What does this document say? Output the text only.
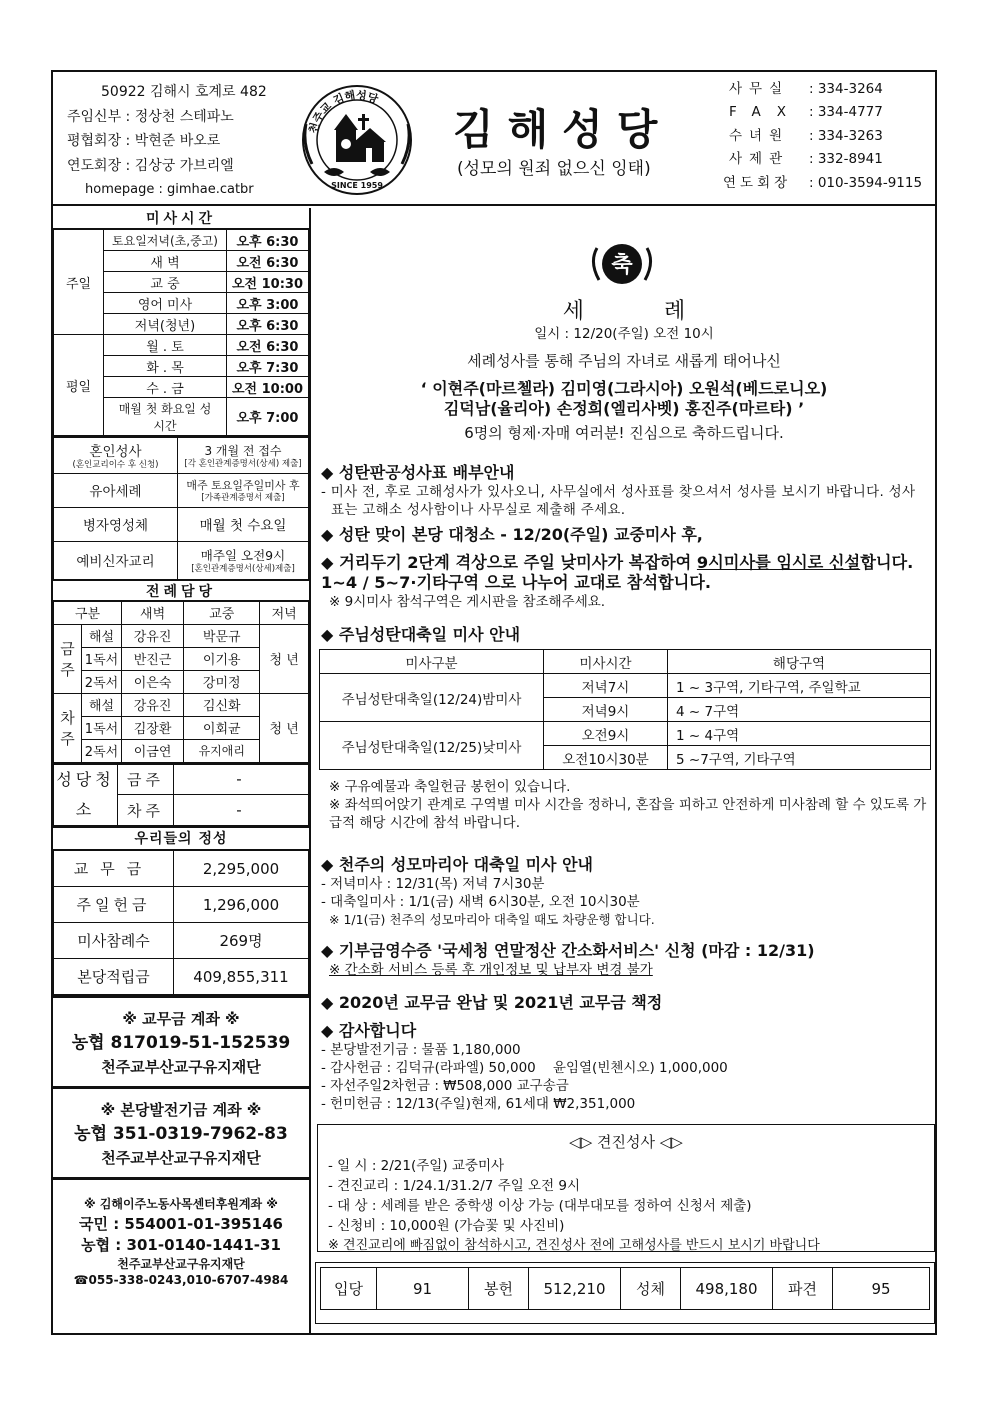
50922 김해시 호계로 482
주임신부 : 정상천 스테파노
평협회장 : 박현준 바오로
연도회장 : 김상궁 가브리엘
homepage : gimhae.catbr
천주교 김해성당
SINCE 1959
김해성당
(성모의 원죄 없으신 잉태)
사무실	: 334-3264
FAX : 334-4777
수녀원	: 334-3263
사제관	: 332-8941
연도회장	: 010-3594-9115
미사시간
주일	토요일저녁(초,중고)	오후 6:30
	새 벽	오전 6:30
	교 중	오전 10:30
	영어 미사	오후 3:00
	저녁(청년)	오후 6:30
평일	월 . 토	오전 6:30
	화 . 목	오후 7:30
	수 . 금	오전 10:00
	매월 첫 화요일 성시간	오후 7:00
혼인성사
(혼인교리이수 후 신청)	3 개월 전 접수
[각 혼인관계증명서(상세) 제출]

유아세례	매주 토요일주일미사 후
[가족관계증명서 제출]

병자영성체	매월 첫 수요일
예비신자교리	매주일 오전9시
[혼인관계증명서(상세)제출]
전례담당
구분		새벽	교중	저녁
금주	해설	강유진	박문규	청 년
	1독서	반진근	이기용	
	2독서	이은숙	강미정	
차주	해설	강유진	김신화	청 년
	1독서	김장환	이회균	
	2독서	이금연	유지애리	
성당청소	금주	-
	차주	-
우리들의 정성
교무금	2,295,000
주일헌금	1,296,000
미사참례수	269명
본당적립금	409,855,311
※ 교무금 계좌 ※
농협 817019-51-152539
천주교부산교구유지재단
※ 본당발전기금 계좌 ※
농협 351-0319-7962-83
천주교부산교구유지재단
※ 김해이주노동사목센터후원계좌 ※
국민 : 554001-01-395146
농협 : 301-0140-1441-31
천주교부산교구유지재단
☎055-338-0243,010-6707-4984
축
세례
일시 : 12/20(주일) 오전 10시
세례성사를 통해 주님의 자녀로 새롭게 태어나신
‘ 이현주(마르첼라) 김미영(그라시아) 오원석(베드로니오)
김덕남(율리아) 손정희(엘리사벳) 홍진주(마르타) ’
6명의 형제·자매 여러분! 진심으로 축하드립니다.
◆ 성탄판공성사표 배부안내
- 미사 전, 후로 고해성사가 있사오니, 사무실에서 성사표를 찾으셔서 성사를 보시기 바랍니다. 성사표는 고해소 성사함이나 사무실로 제출해 주세요.
◆ 성탄 맞이 본당 대청소 - 12/20(주일) 교중미사 후,
◆ 거리두기 2단계 격상으로 주일 낮미사가 복잡하여 9시미사를 임시로 신설합니다. 1~4 / 5~7·기타구역 으로 나누어 교대로 참석합니다.
※ 9시미사 참석구역은 게시판을 참조해주세요.
◆ 주님성탄대축일 미사 안내
미사구분	미사시간	해당구역
주님성탄대축일(12/24)밤미사	저녁7시	1 ~ 3구역, 기타구역, 주일학교
	저녁9시	4 ~ 7구역
주님성탄대축일(12/25)낮미사	오전9시	1 ~ 4구역
	오전10시30분	5 ~7구역, 기타구역
※ 구유예물과 축일헌금 봉헌이 있습니다.
※ 좌석띄어앉기 관계로 구역별 미사 시간을 정하니, 혼잡을 피하고 안전하게 미사참례 할 수 있도록 가급적 해당 시간에 참석 바랍니다.
◆ 천주의 성모마리아 대축일 미사 안내
- 저녁미사 : 12/31(목) 저녁 7시30분
- 대축일미사 : 1/1(금) 새벽 6시30분, 오전 10시30분
※ 1/1(금) 천주의 성모마리아 대축일 때도 차량운행 합니다.
◆ 기부금영수증 '국세청 연말정산 간소화서비스' 신청 (마감 : 12/31)
※ 간소화 서비스 등록 후 개인정보 및 납부자 변경 불가
◆ 2020년 교무금 완납 및 2021년 교무금 책정
◆ 감사합니다
- 본당발전기금 : 물품 1,180,000
- 감사헌금 : 김덕규(라파엘) 50,000    윤임열(빈첸시오) 1,000,000
- 자선주일2차헌금 : ₩508,000 교구송금
- 헌미헌금 : 12/13(주일)현재, 61세대 ₩2,351,000
◁▷ 견진성사 ◁▷
- 일 시 : 2/21(주일) 교중미사
- 견진교리 : 1/24.1/31.2/7 주일 오전 9시
- 대 상 : 세례를 받은 중학생 이상 가능 (대부대모를 정하여 신청서 제출)
- 신청비 : 10,000원 (가슴꽃 및 사진비)
※ 견진교리에 빠짐없이 참석하시고, 견진성사 전에 고해성사를 반드시 보시기 바랍니다
입당	91	봉헌	512,210	성체	498,180	파견	95
